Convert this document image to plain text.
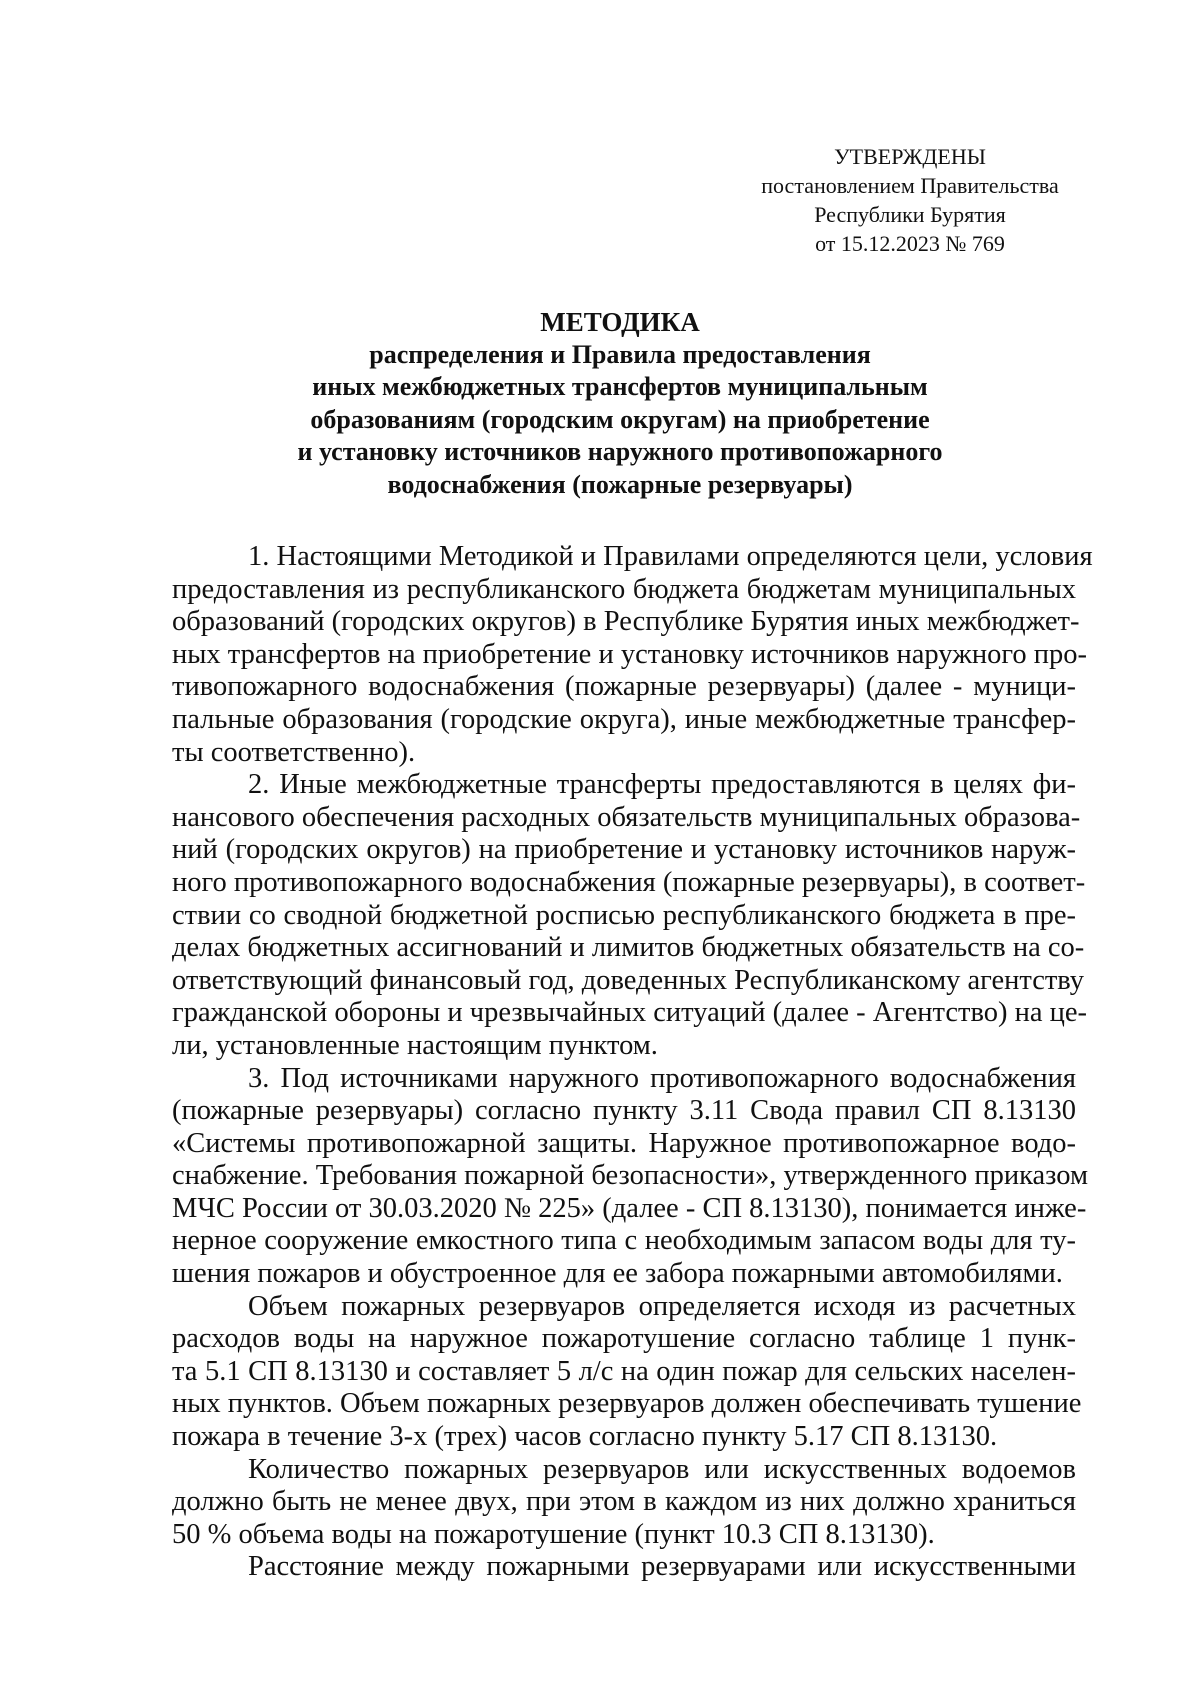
УТВЕРЖДЕНЫ
постановлением Правительства
Республики Бурятия
от 15.12.2023 № 769
МЕТОДИКА
распределения и Правила предоставления
иных межбюджетных трансфертов муниципальным
образованиям (городским округам) на приобретение
и установку источников наружного противопожарного
водоснабжения (пожарные резервуары)
1. Настоящими Методикой и Правилами определяются цели, условия
предоставления из республиканского бюджета бюджетам муниципальных
образований (городских округов) в Республике Бурятия иных межбюджет-
ных трансфертов на приобретение и установку источников наружного про-
тивопожарного водоснабжения (пожарные резервуары) (далее - муници-
пальные образования (городские округа), иные межбюджетные трансфер-
ты соответственно).
2. Иные межбюджетные трансферты предоставляются в целях фи-
нансового обеспечения расходных обязательств муниципальных образова-
ний (городских округов) на приобретение и установку источников наруж-
ного противопожарного водоснабжения (пожарные резервуары), в соответ-
ствии со сводной бюджетной росписью республиканского бюджета в пре-
делах бюджетных ассигнований и лимитов бюджетных обязательств на со-
ответствующий финансовый год, доведенных Республиканскому агентству
гражданской обороны и чрезвычайных ситуаций (далее - Агентство) на це-
ли, установленные настоящим пунктом.
3. Под источниками наружного противопожарного водоснабжения
(пожарные резервуары) согласно пункту 3.11 Свода правил СП 8.13130
«Системы противопожарной защиты. Наружное противопожарное водо-
снабжение. Требования пожарной безопасности», утвержденного приказом
МЧС России от 30.03.2020 № 225» (далее - СП 8.13130), понимается инже-
нерное сооружение емкостного типа с необходимым запасом воды для ту-
шения пожаров и обустроенное для ее забора пожарными автомобилями.
Объем пожарных резервуаров определяется исходя из расчетных
расходов воды на наружное пожаротушение согласно таблице 1 пунк-
та 5.1 СП 8.13130 и составляет 5 л/с на один пожар для сельских населен-
ных пунктов. Объем пожарных резервуаров должен обеспечивать тушение
пожара в течение 3-х (трех) часов согласно пункту 5.17 СП 8.13130.
Количество пожарных резервуаров или искусственных водоемов
должно быть не менее двух, при этом в каждом из них должно храниться
50 % объема воды на пожаротушение (пункт 10.3 СП 8.13130).
Расстояние между пожарными резервуарами или искусственными
